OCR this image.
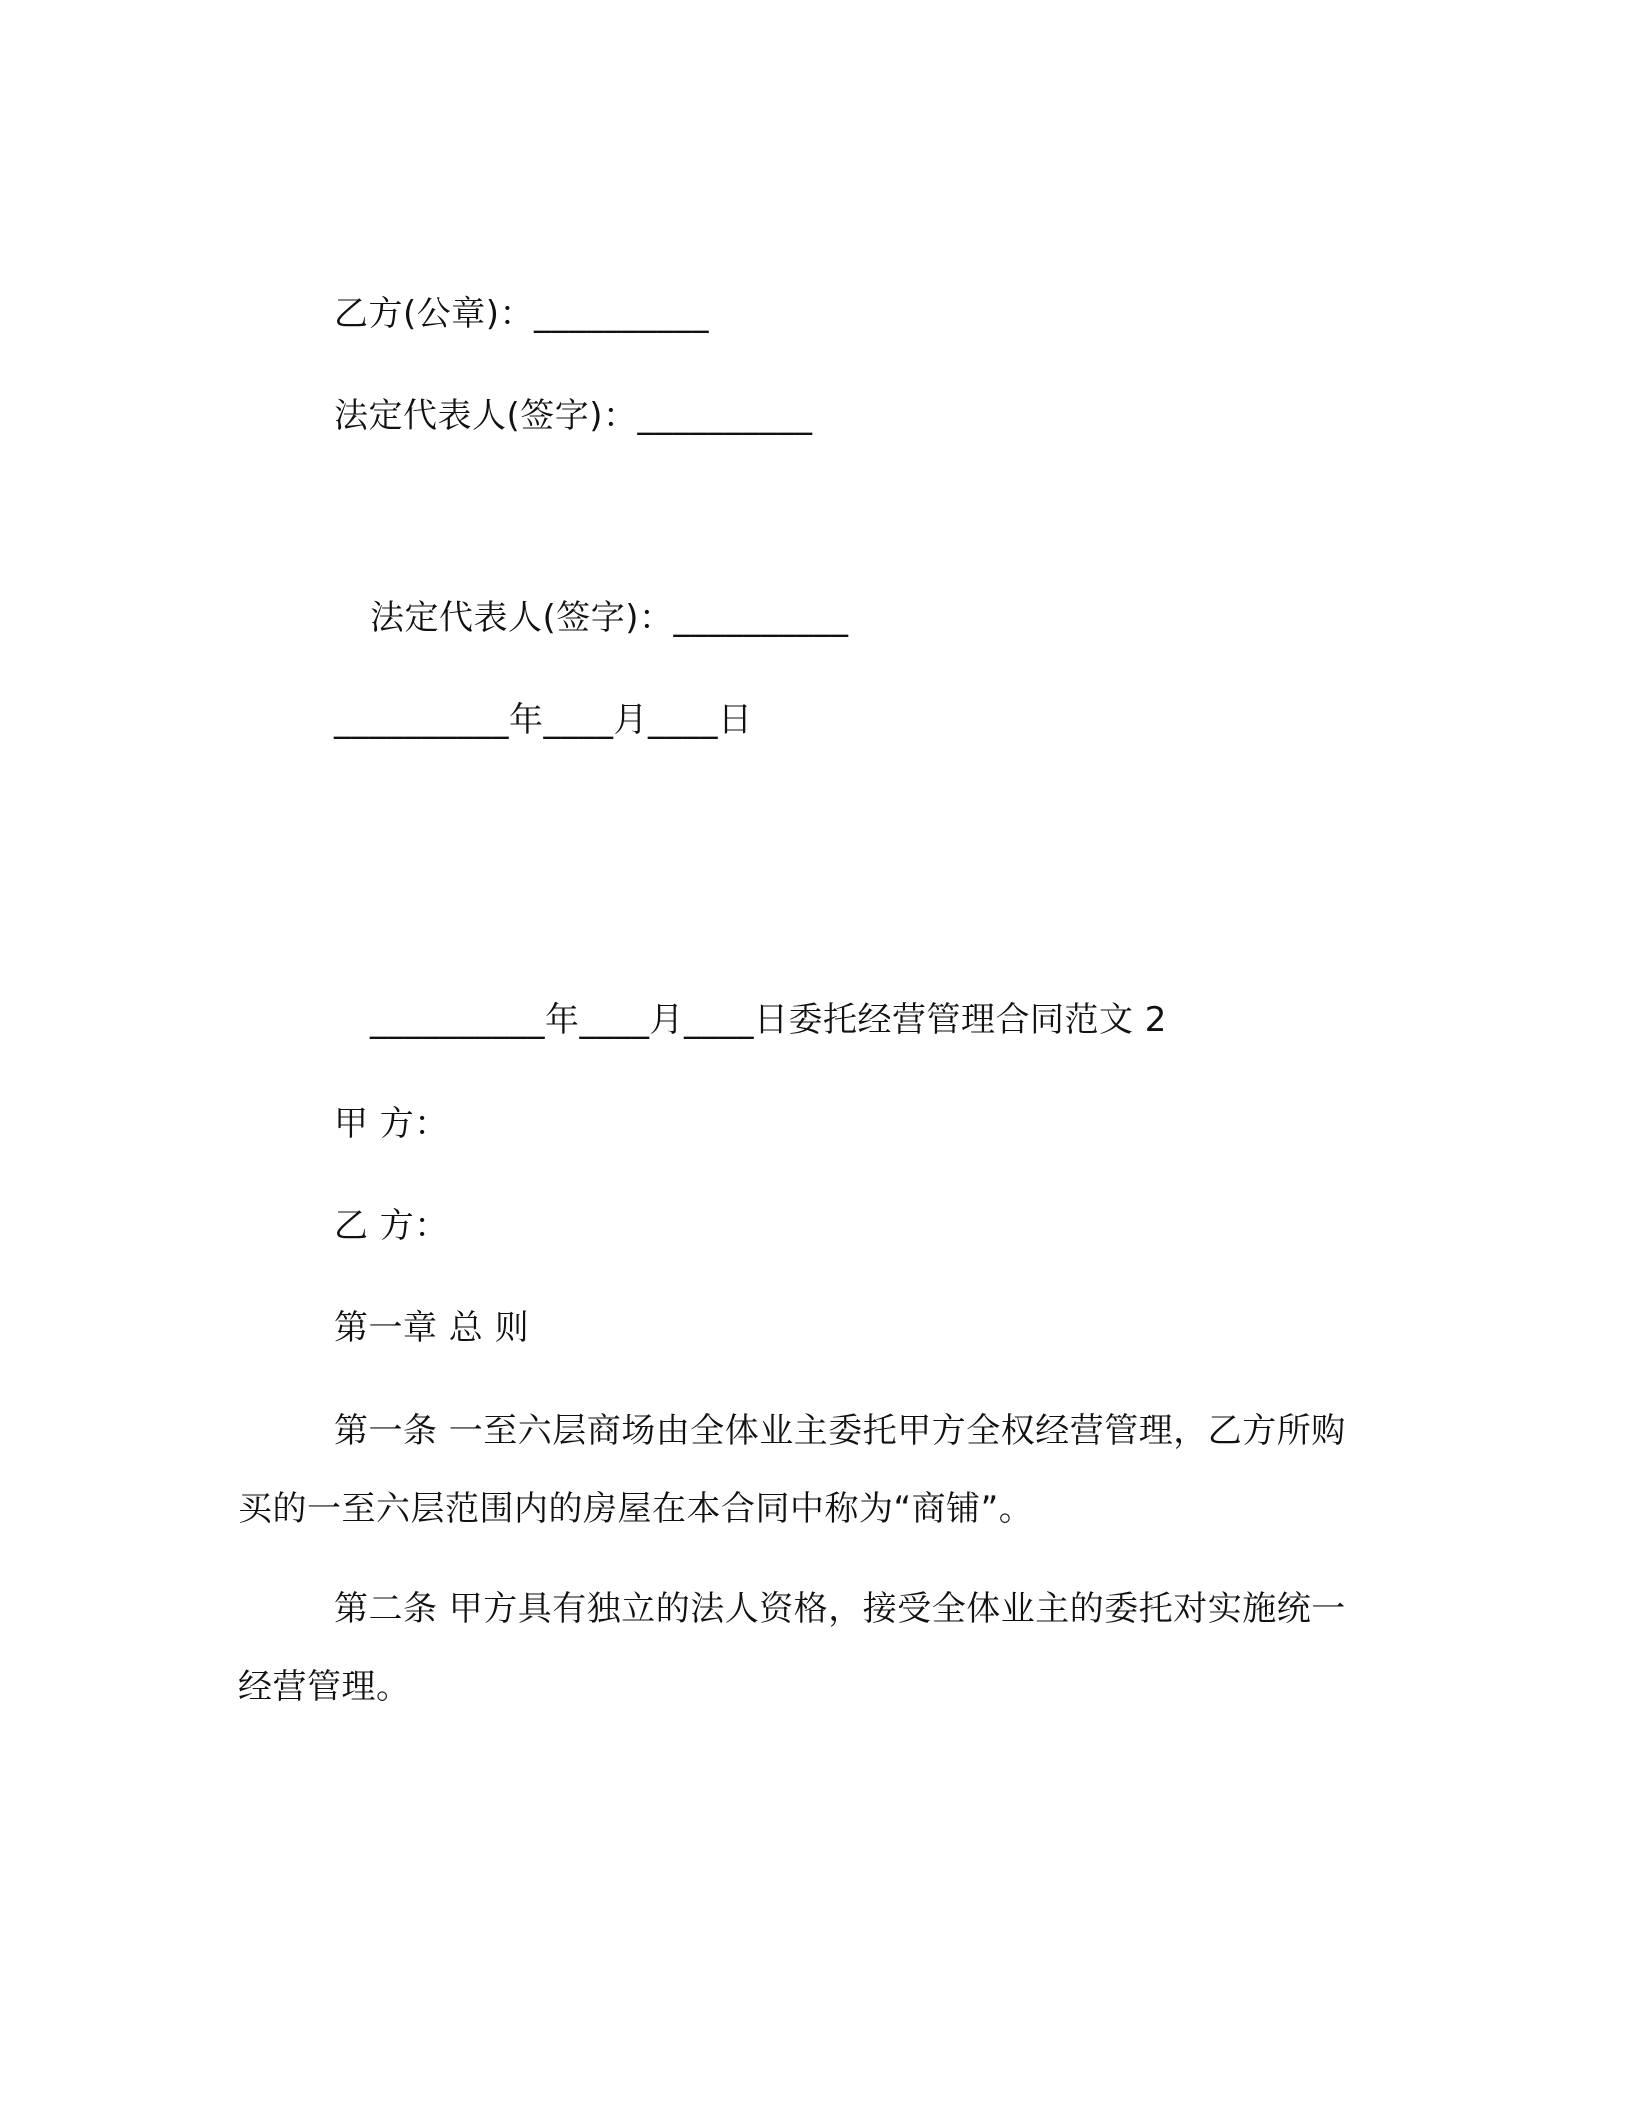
乙方(公章)：__________
法定代表人(签字)：__________
法定代表人(签字)：__________
__________年____月____日
__________年____月____日委托经营管理合同范文 2
甲 方：
乙 方：
第一章 总 则
第一条 一至六层商场由全体业主委托甲方全权经营管理，乙方所购买的一至六层范围内的房屋在本合同中称为“商铺”。
第二条 甲方具有独立的法人资格，接受全体业主的委托对实施统一经营管理。
